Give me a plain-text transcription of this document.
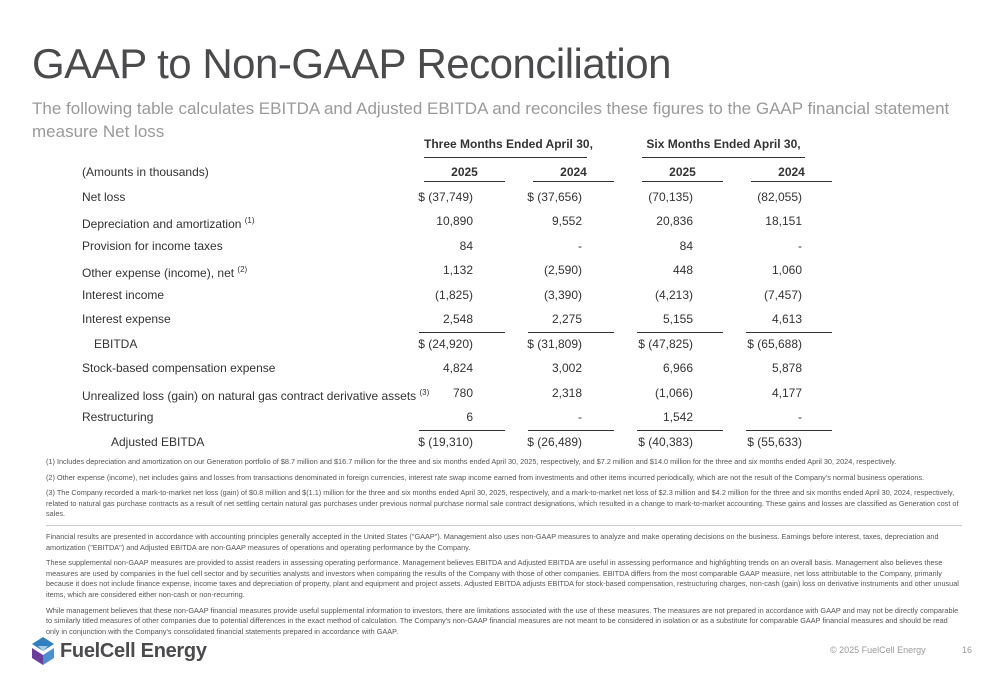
GAAP to Non-GAAP Reconciliation
The following table calculates EBITDA and Adjusted EBITDA and reconciles these figures to the GAAP financial statement measure Net loss
Three Months Ended April 30,	Six Months Ended April 30,
(Amounts in thousands)	2025	2024	2025	2024
Net loss	$ (37,749)	$ (37,656)	(70,135)	(82,055)
Depreciation and amortization $^{(1)}$	10,890	9,552	20,836	18,151
Provision for income taxes	84	-	84	-
Other expense (income), net $^{(2)}$	1,132	(2,590)	448	1,060
Interest income	(1,825)	(3,390)	(4,213)	(7,457)
Interest expense	2,548	2,275	5,155	4,613
EBITDA	$ (24,920)	$ (31,809)	$ (47,825)	$ (65,688)
Stock-based compensation expense	4,824	3,002	6,966	5,878
Unrealized loss (gain) on natural gas contract derivative assets $^{(3)}$	780	2,318	(1,066)	4,177
Restructuring	6	-	1,542	-
Adjusted EBITDA	$ (19,310)	$ (26,489)	$ (40,383)	$ (55,633)

(1) Includes depreciation and amortization on our Generation portfolio of $8.7 million and $16.7 million for the three and six months ended April 30, 2025, respectively, and $7.2 million and $14.0 million for the three and six months ended April 30, 2024, respectively.

(2) Other expense (income), net includes gains and losses from transactions denominated in foreign currencies, interest rate swap income earned from investments and other items incurred periodically, which are not the result of the Company's normal business operations.

(3) The Company recorded a mark-to-market net loss (gain) of $0.8 million and $(1.1) million for the three and six months ended April 30, 2025, respectively, and a mark-to-market net loss of $2.3 million and $4.2 million for the three and six months ended April 30, 2024, respectively, related to natural gas purchase contracts as a result of net settling certain natural gas purchases under previous normal purchase normal sale contract designations, which resulted in a change to mark-to-market accounting. These gains and losses are classified as Generation cost of sales.

Financial results are presented in accordance with accounting principles generally accepted in the United States ("GAAP"). Management also uses non-GAAP measures to analyze and make operating decisions on the business. Earnings before interest, taxes, depreciation and amortization ("EBITDA") and Adjusted EBITDA are non-GAAP measures of operations and operating performance by the Company.

These supplemental non-GAAP measures are provided to assist readers in assessing operating performance. Management believes EBITDA and Adjusted EBITDA are useful in assessing performance and highlighting trends on an overall basis. Management also believes these measures are used by companies in the fuel cell sector and by securities analysts and investors when comparing the results of the Company with those of other companies. EBITDA differs from the most comparable GAAP measure, net loss attributable to the Company, primarily because it does not include finance expense, income taxes and depreciation of property, plant and equipment and project assets. Adjusted EBITDA adjusts EBITDA for stock-based compensation, restructuring charges, non-cash (gain) loss on derivative instruments and other unusual items, which are considered either non-cash or non-recurring.

While management believes that these non-GAAP financial measures provide useful supplemental information to investors, there are limitations associated with the use of these measures. The measures are not prepared in accordance with GAAP and may not be directly comparable to similarly titled measures of other companies due to potential differences in the exact method of calculation. The Company's non-GAAP financial measures are not meant to be considered in isolation or as a substitute for comparable GAAP financial measures and should be read only in conjunction with the Company's consolidated financial statements prepared in accordance with GAAP.

FuelCell Energy	© 2025 FuelCell Energy	16
